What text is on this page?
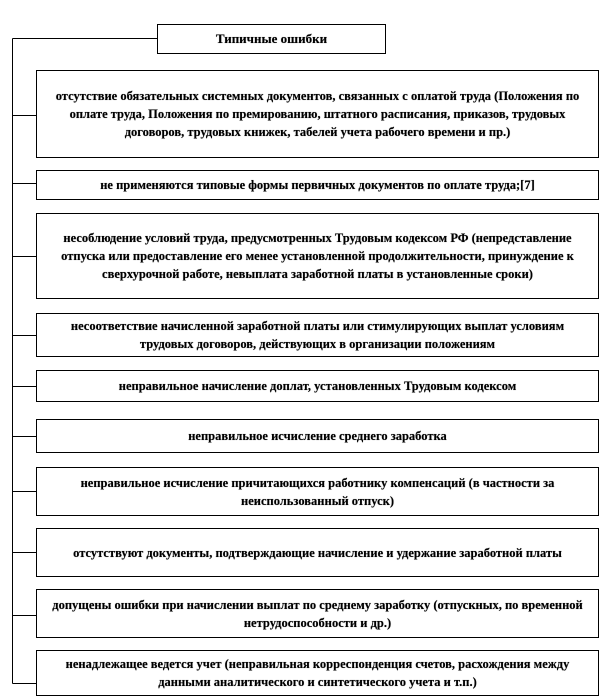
Типичные ошибки
отсутствие обязательных системных документов, связанных с оплатой труда (Положения по оплате труда, Положения по премированию, штатного расписания, приказов, трудовых договоров, трудовых книжек, табелей учета рабочего времени и пр.)
не применяются типовые формы первичных документов по оплате труда;[7]
несоблюдение условий труда, предусмотренных Трудовым кодексом РФ (непредставление отпуска или предоставление его менее установленной продолжительности, принуждение к сверхурочной работе, невыплата заработной платы в установленные сроки)
несоответствие начисленной заработной платы или стимулирующих выплат условиям трудовых договоров, действующих в организации положениям
неправильное начисление доплат, установленных Трудовым кодексом
неправильное исчисление среднего заработка
неправильное исчисление причитающихся работнику компенсаций (в частности за неиспользованный отпуск)
отсутствуют документы, подтверждающие начисление и удержание заработной платы
допущены ошибки при начислении выплат по среднему заработку (отпускных, по временной нетрудоспособности и др.)
ненадлежащее ведется учет (неправильная корреспонденция счетов, расхождения между данными аналитического и синтетического учета и т.п.)
